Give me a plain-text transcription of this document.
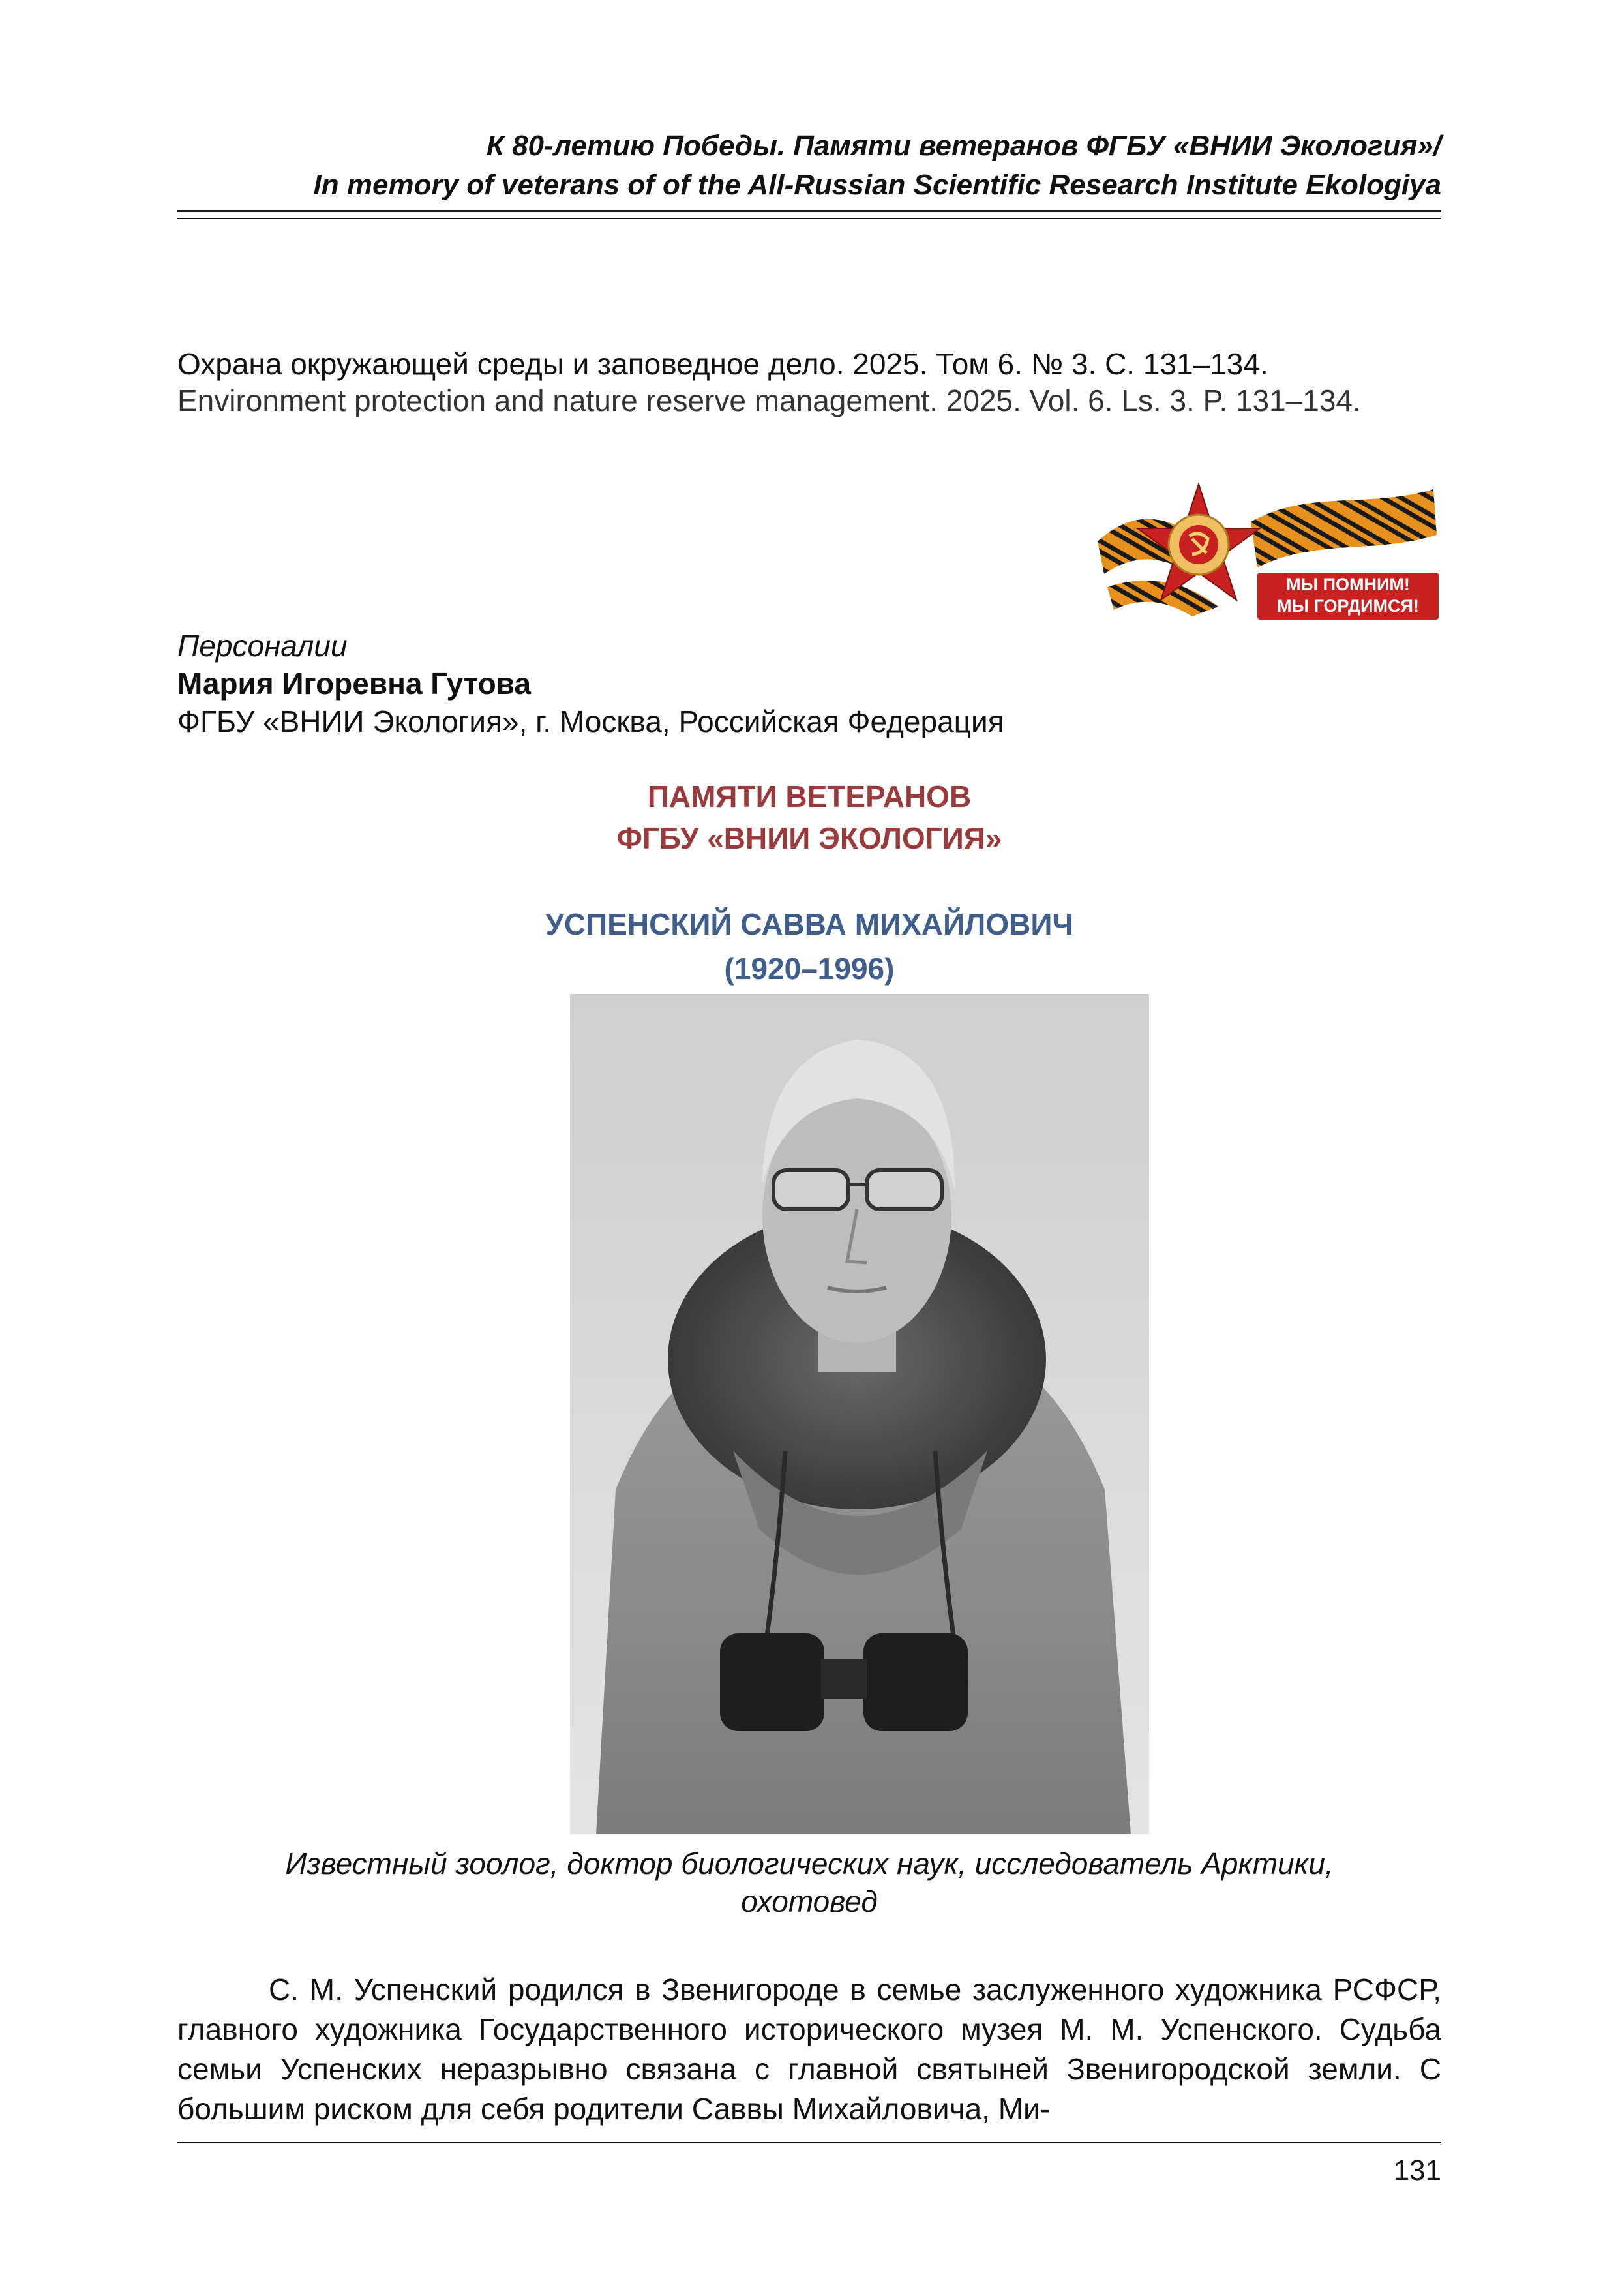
К 80-летию Победы. Памяти ветеранов ФГБУ «ВНИИ Экология»/
In memory of veterans of of the All-Russian Scientific Research Institute Ekologiya
Охрана окружающей среды и заповедное дело. 2025. Том 6. № 3. С. 131–134.
Environment protection and nature reserve management. 2025. Vol. 6. Ls. 3. P. 131–134.
МЫ ПОМНИМ!
МЫ ГОРДИМСЯ!
Персоналии
Мария Игоревна Гутова
ФГБУ «ВНИИ Экология», г. Москва, Российская Федерация
ПАМЯТИ ВЕТЕРАНОВ
ФГБУ «ВНИИ ЭКОЛОГИЯ»
УСПЕНСКИЙ САВВА МИХАЙЛОВИЧ
(1920–1996)
Известный зоолог, доктор биологических наук, исследователь Арктики,
охотовед
С. М. Успенский родился в Звенигороде в семье заслуженного художника РСФСР, главного художника Государственного исторического музея М. М. Успенского. Судьба семьи Успенских неразрывно связана с главной святыней Звенигородской земли. С большим риском для себя родители Саввы Михайловича, Ми-
131
